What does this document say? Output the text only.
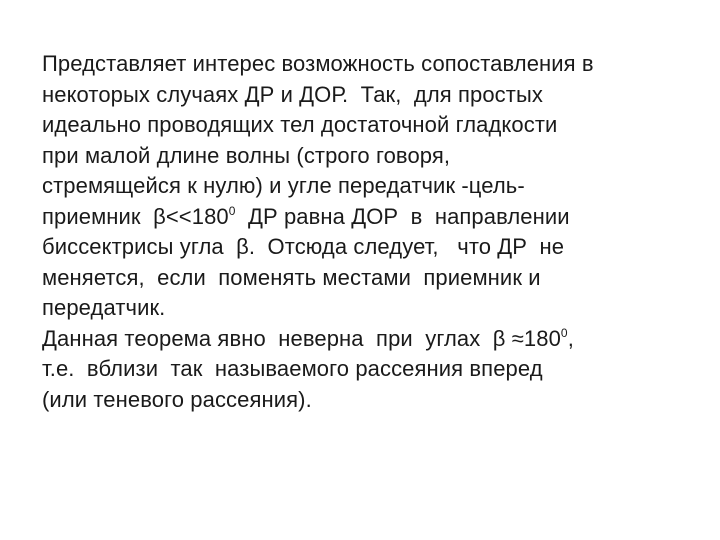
Представляет интерес возможность сопоставления в
некоторых случаях ДР и ДОР.  Так,  для простых
идеально проводящих тел достаточной гладкости
при малой длине волны (строго говоря,
стремящейся к нулю) и угле передатчик -цель-
приемник  $\beta<<180^0$  ДР равна ДОР  в  направлении
биссектрисы угла  β.  Отсюда следует,   что ДР  не
меняется,  если  поменять местами  приемник и
передатчик.
Данная теорема явно  неверна  при  углах  $\beta \approx 180^0$,
т.е.  вблизи  так  называемого рассеяния вперед
(или теневого рассеяния).
